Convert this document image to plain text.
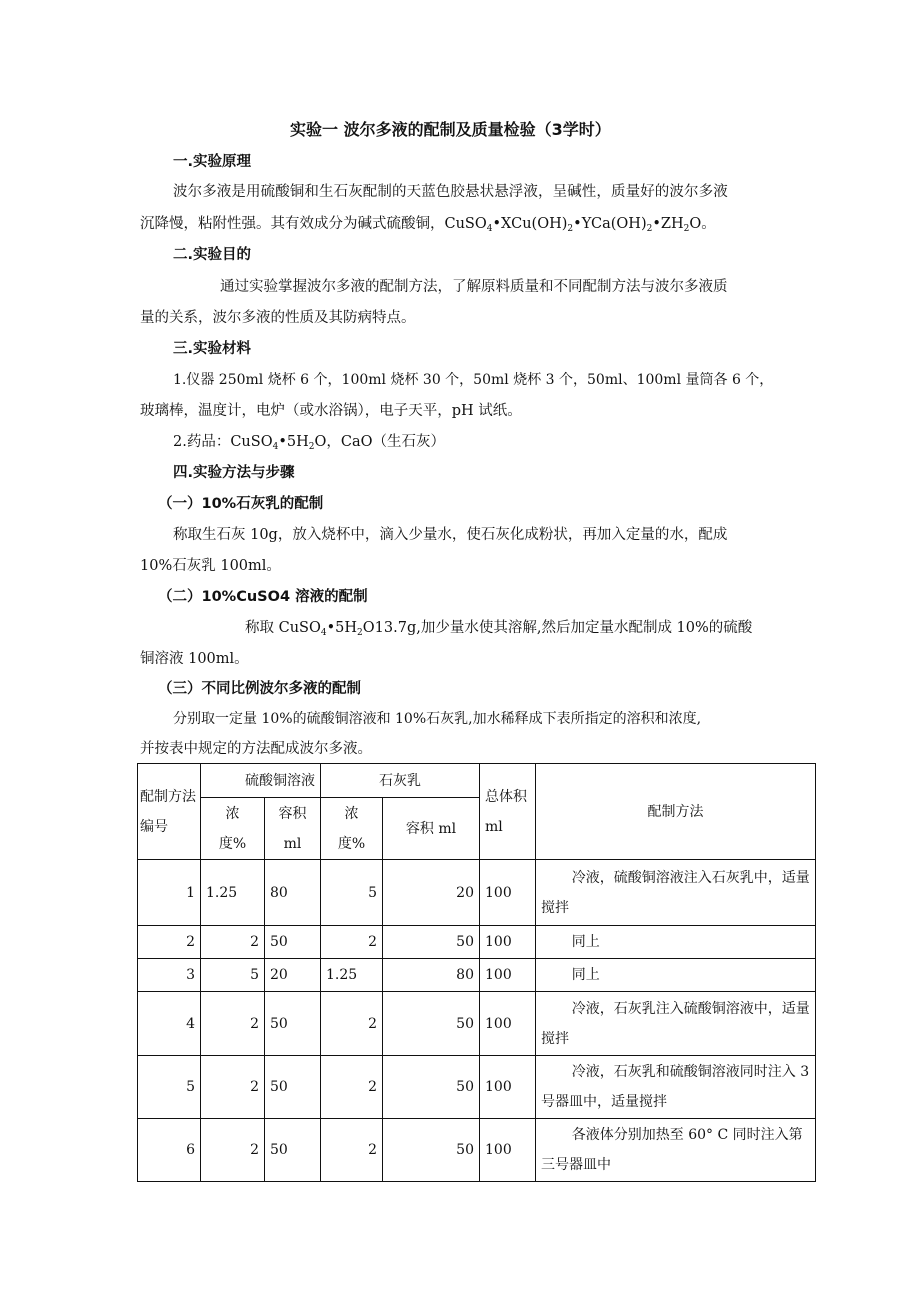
实验一 波尔多液的配制及质量检验（3学时）
一.实验原理
波尔多液是用硫酸铜和生石灰配制的天蓝色胶悬状悬浮液，呈碱性，质量好的波尔多液
沉降慢，粘附性强。其有效成分为碱式硫酸铜，$CuSO_4•XCu(OH)_2•YCa(OH)_2•ZH_2O$。
二.实验目的
通过实验掌握波尔多液的配制方法，了解原料质量和不同配制方法与波尔多液质
量的关系，波尔多液的性质及其防病特点。
三.实验材料
1.仪器 250ml 烧杯 6 个，100ml 烧杯 30 个，50ml 烧杯 3 个，50ml、100ml 量筒各 6 个，
玻璃棒，温度计，电炉（或水浴锅），电子天平，pH 试纸。
2.药品：$CuSO_4•5H_2O$，CaO（生石灰）
四.实验方法与步骤
（一）10%石灰乳的配制
称取生石灰 10g，放入烧杯中，滴入少量水，使石灰化成粉状，再加入定量的水，配成
10%石灰乳 100ml。
（二）10%CuSO4 溶液的配制
称取 $CuSO_4•5H_2O13.7g$,加少量水使其溶解,然后加定量水配制成 10%的硫酸
铜溶液 100ml。
（三）不同比例波尔多液的配制
分别取一定量 10%的硫酸铜溶液和 10%石灰乳,加水稀释成下表所指定的溶积和浓度,
并按表中规定的方法配成波尔多液。
配制方法编号	硫酸铜溶液		石灰乳		总体积ml	配制方法
	浓度%	容积ml	浓度%	容积 ml		
1	1.25	80	5	20	100	冷液，硫酸铜溶液注入石灰乳中，适量搅拌
2	2	50	2	50	100	同上
3	5	20	1.25	80	100	同上
4	2	50	2	50	100	冷液，石灰乳注入硫酸铜溶液中，适量搅拌
5	2	50	2	50	100	冷液，石灰乳和硫酸铜溶液同时注入 3 号器皿中，适量搅拌
6	2	50	2	50	100	各液体分别加热至 60° C 同时注入第三号器皿中
